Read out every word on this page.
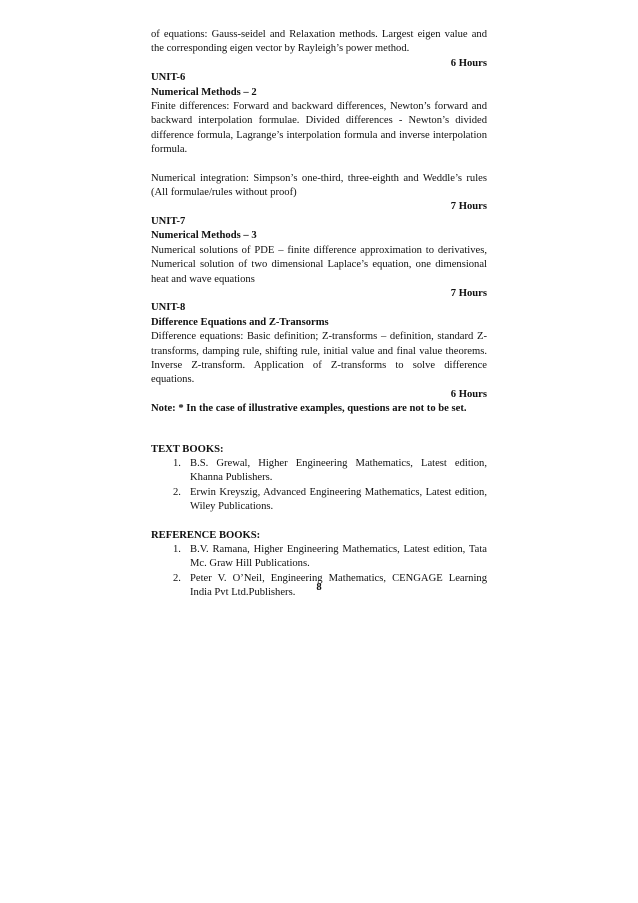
of equations: Gauss-seidel and Relaxation methods. Largest eigen value and the corresponding eigen vector by Rayleigh’s power method.

6 Hours

UNIT-6

Numerical Methods – 2

Finite differences: Forward and backward differences, Newton’s forward and backward interpolation formulae. Divided differences - Newton’s divided difference formula, Lagrange’s interpolation formula and inverse interpolation formula.

Numerical integration: Simpson’s one-third, three-eighth and Weddle’s rules (All formulae/rules without proof)

7 Hours

UNIT-7

Numerical Methods – 3

Numerical solutions of PDE – finite difference approximation to derivatives, Numerical solution of two dimensional Laplace’s equation, one dimensional heat and wave equations

7 Hours

UNIT-8

Difference Equations and Z-Transorms

Difference equations: Basic definition; Z-transforms – definition, standard Z-transforms, damping rule, shifting rule, initial value and final value theorems. Inverse Z-transform. Application of Z-transforms to solve difference equations.

6 Hours

Note: * In the case of illustrative examples, questions are not to be set.

TEXT BOOKS:

1. B.S. Grewal, Higher Engineering Mathematics, Latest edition, Khanna Publishers.
2. Erwin Kreyszig, Advanced Engineering Mathematics, Latest edition, Wiley Publications.

REFERENCE BOOKS:

1. B.V. Ramana, Higher Engineering Mathematics, Latest edition, Tata Mc. Graw Hill Publications.
2. Peter V. O’Neil, Engineering Mathematics, CENGAGE Learning India Pvt Ltd.Publishers.	8
